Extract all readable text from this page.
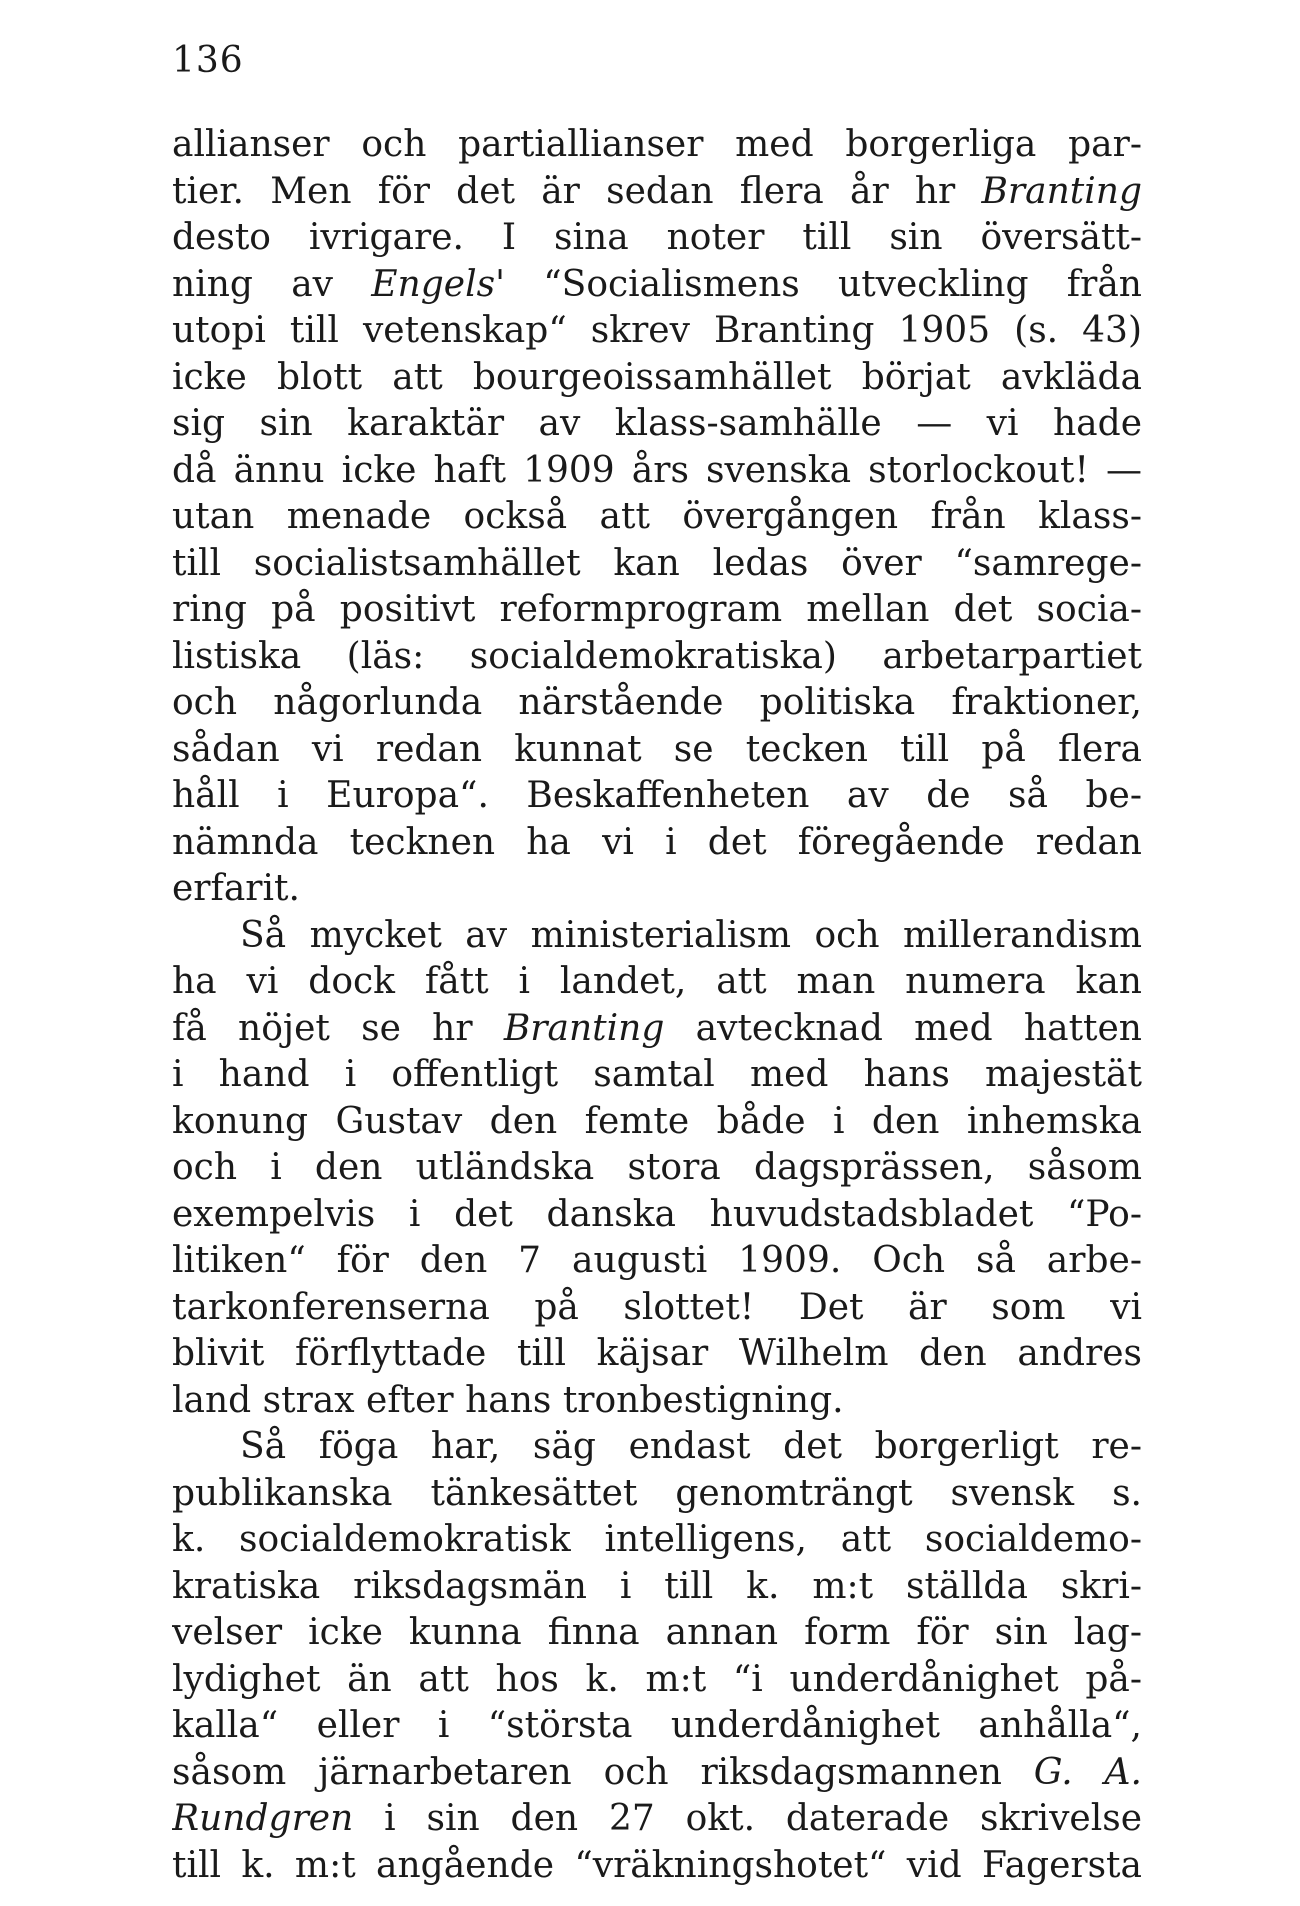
136
allianser och partiallianser med borgerliga par-
tier. Men för det är sedan flera år hr Branting
desto ivrigare. I sina noter till sin översätt-
ning av Engels' “Socialismens utveckling från
utopi till vetenskap“ skrev Branting 1905 (s. 43)
icke blott att bourgeoissamhället börjat avkläda
sig sin karaktär av klass-samhälle — vi hade
då ännu icke haft 1909 års svenska storlockout! —
utan menade också att övergången från klass-
till socialistsamhället kan ledas över “samrege-
ring på positivt reformprogram mellan det socia-
listiska (läs: socialdemokratiska) arbetarpartiet
och någorlunda närstående politiska fraktioner,
sådan vi redan kunnat se tecken till på flera
håll i Europa“. Beskaffenheten av de så be-
nämnda tecknen ha vi i det föregående redan
erfarit.
Så mycket av ministerialism och millerandism
ha vi dock fått i landet, att man numera kan
få nöjet se hr Branting avtecknad med hatten
i hand i offentligt samtal med hans majestät
konung Gustav den femte både i den inhemska
och i den utländska stora dagsprässen, såsom
exempelvis i det danska huvudstadsbladet “Po-
litiken“ för den 7 augusti 1909. Och så arbe-
tarkonferenserna på slottet! Det är som vi
blivit förflyttade till käjsar Wilhelm den andres
land strax efter hans tronbestigning.
Så föga har, säg endast det borgerligt re-
publikanska tänkesättet genomträngt svensk s.
k. socialdemokratisk intelligens, att socialdemo-
kratiska riksdagsmän i till k. m:t ställda skri-
velser icke kunna finna annan form för sin lag-
lydighet än att hos k. m:t “i underdånighet på-
kalla“ eller i “största underdånighet anhålla“,
såsom järnarbetaren och riksdagsmannen G. A.
Rundgren i sin den 27 okt. daterade skrivelse
till k. m:t angående “vräkningshotet“ vid Fagersta
